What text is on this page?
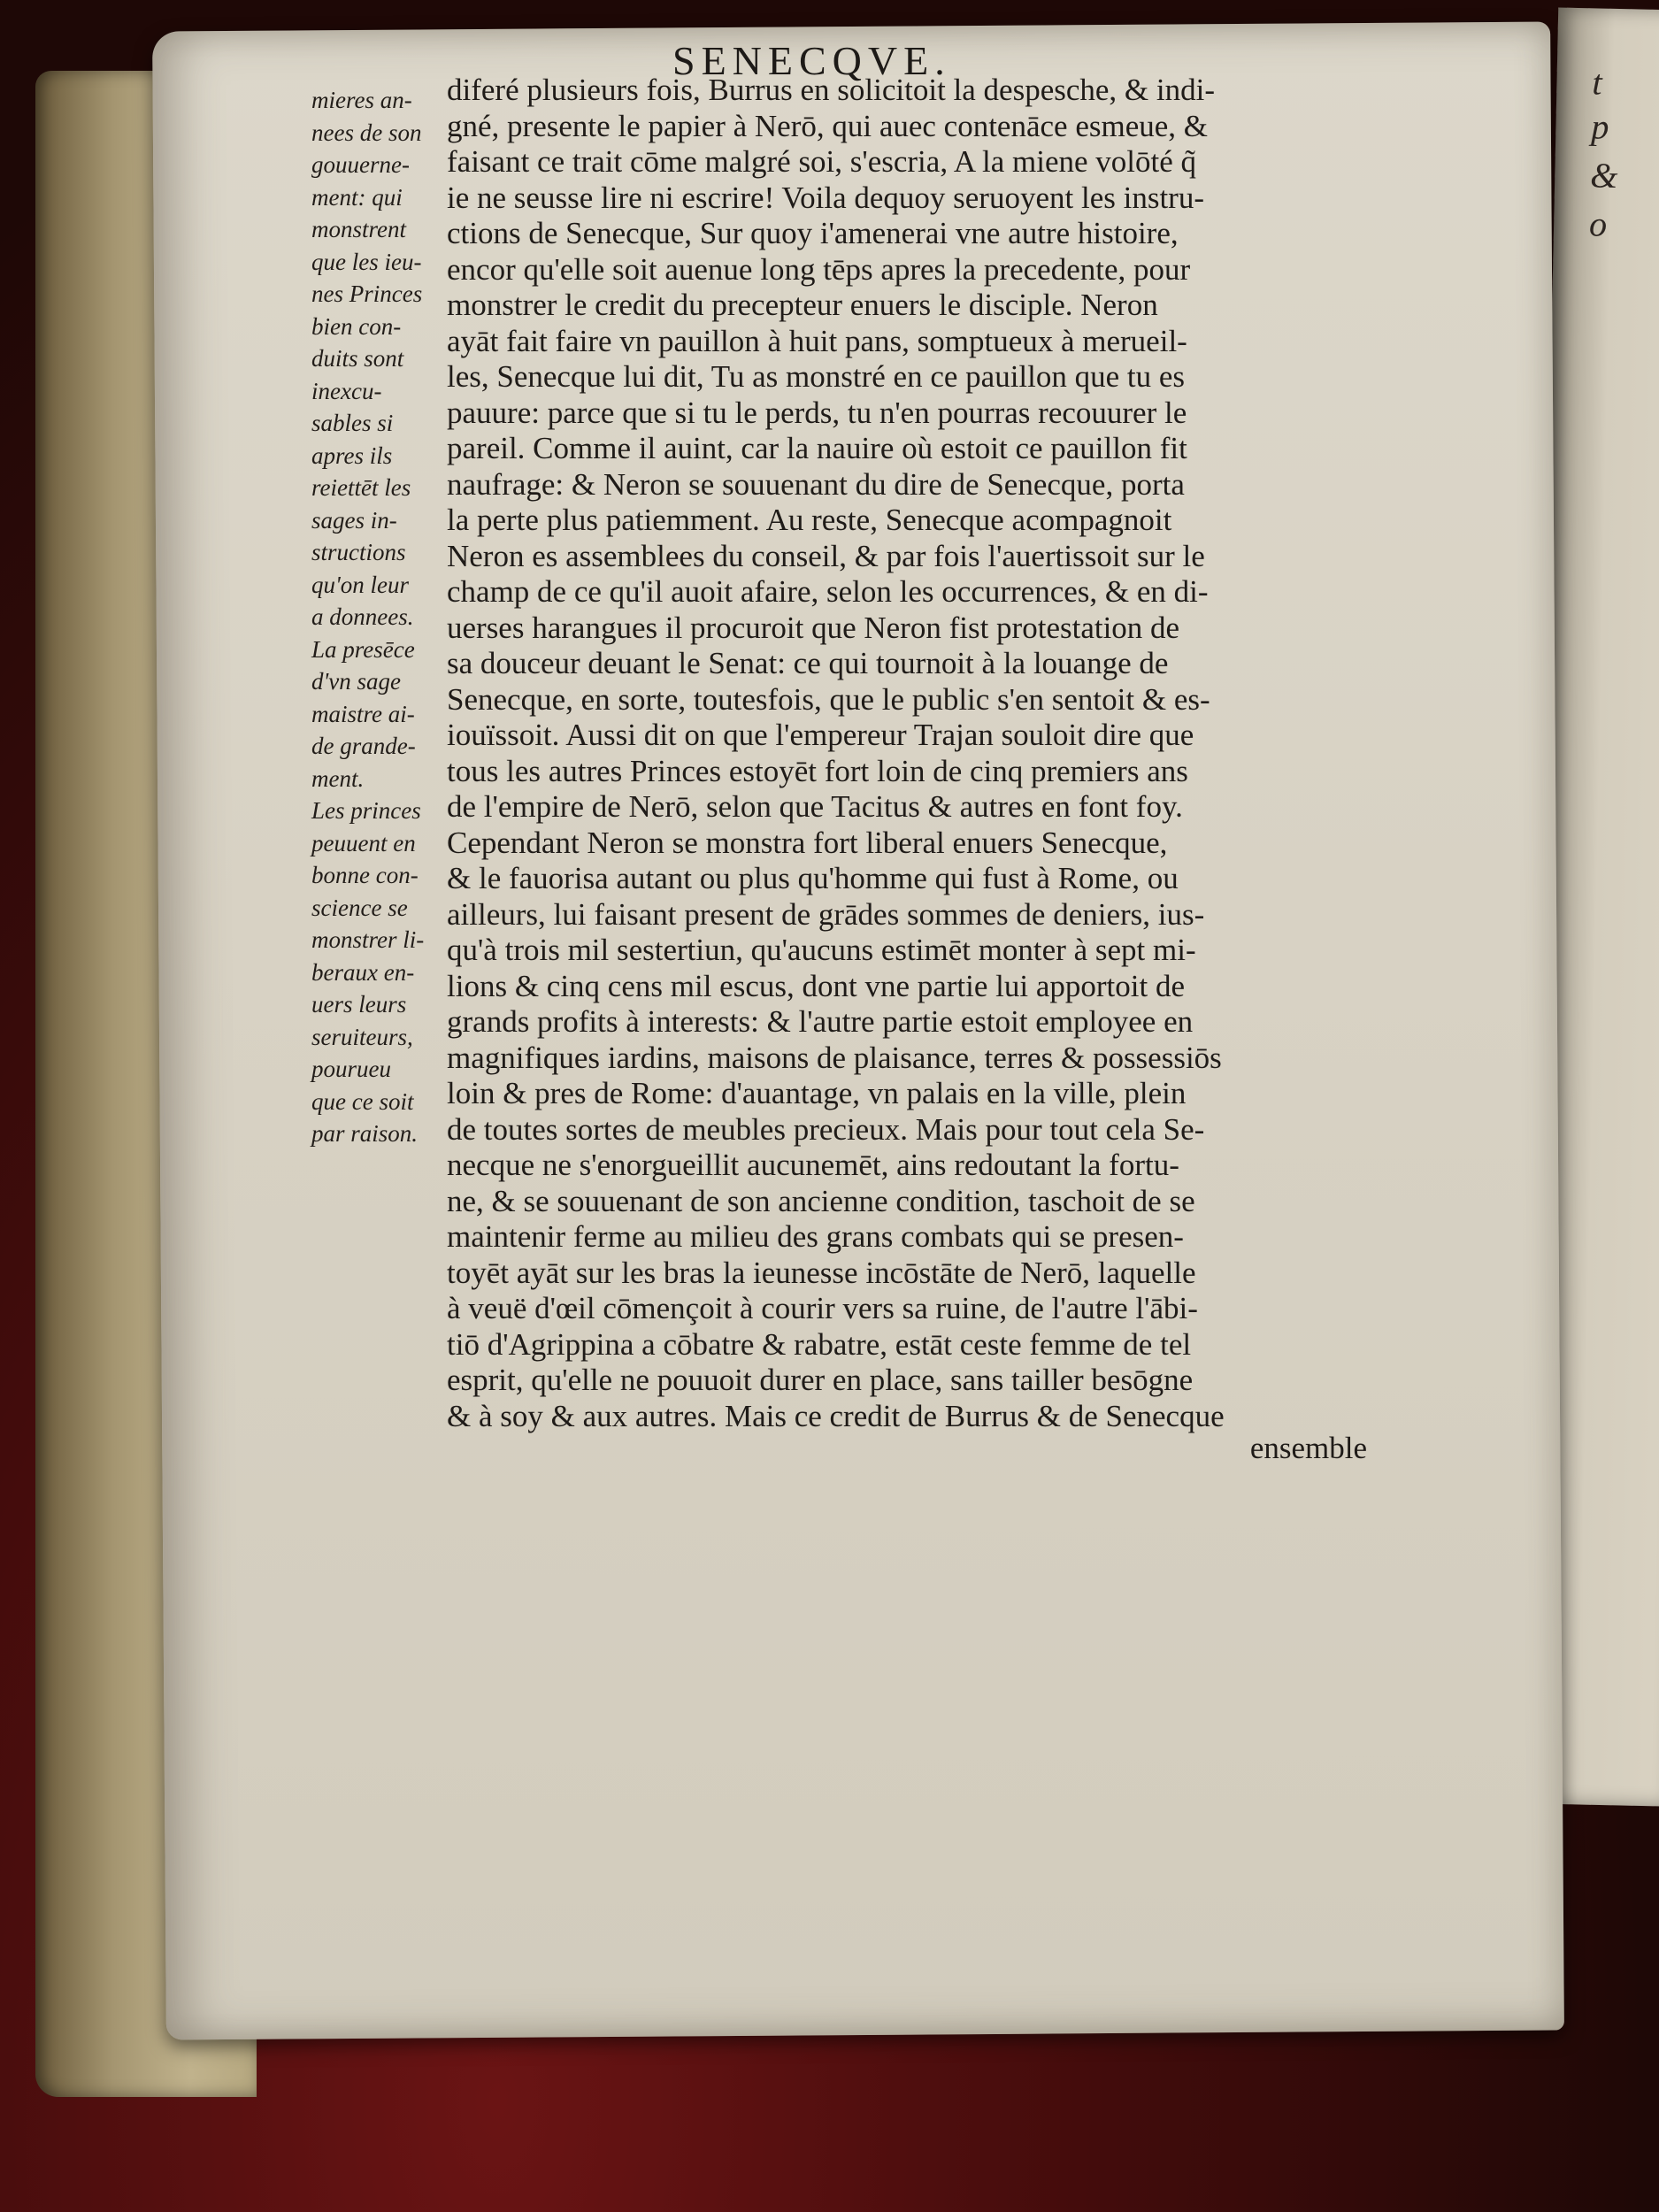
t
p
&
o
SENECQVE.
mieres an-
nees de son
gouuerne-
ment: qui
monstrent
que les ieu-
nes Princes
bien con-
duits sont
inexcu-
sables si
apres ils
reiettēt les
sages in-
structions
qu'on leur
a donnees.
La presēce
d'vn sage
maistre ai-
de grande-
ment.
Les princes
peuuent en
bonne con-
science se
monstrer li-
beraux en-
uers leurs
seruiteurs,
pourueu
que ce soit
par raison.
diferé plusieurs fois, Burrus en solicitoit la despesche, & indi-
gné, presente le papier à Nerō, qui auec contenāce esmeue, &
faisant ce trait cōme malgré soi, s'escria, A la miene volōté q̃
ie ne seusse lire ni escrire! Voila dequoy seruoyent les instru-
ctions de Senecque, Sur quoy i'amenerai vne autre histoire,
encor qu'elle soit auenue long tēps apres la precedente, pour
monstrer le credit du precepteur enuers le disciple. Neron
ayāt fait faire vn pauillon à huit pans, somptueux à merueil-
les, Senecque lui dit, Tu as monstré en ce pauillon que tu es
pauure: parce que si tu le perds, tu n'en pourras recouurer le
pareil. Comme il auint, car la nauire où estoit ce pauillon fit
naufrage: & Neron se souuenant du dire de Senecque, porta
la perte plus patiemment. Au reste, Senecque acompagnoit
Neron es assemblees du conseil, & par fois l'auertissoit sur le
champ de ce qu'il auoit afaire, selon les occurrences, & en di-
uerses harangues il procuroit que Neron fist protestation de
sa douceur deuant le Senat: ce qui tournoit à la louange de
Senecque, en sorte, toutesfois, que le public s'en sentoit & es-
iouïssoit. Aussi dit on que l'empereur Trajan souloit dire que
tous les autres Princes estoyēt fort loin de cinq premiers ans
de l'empire de Nerō, selon que Tacitus & autres en font foy.
Cependant Neron se monstra fort liberal enuers Senecque,
& le fauorisa autant ou plus qu'homme qui fust à Rome, ou
ailleurs, lui faisant present de grādes sommes de deniers, ius-
qu'à trois mil sestertiun, qu'aucuns estimēt monter à sept mi-
lions & cinq cens mil escus, dont vne partie lui apportoit de
grands profits à interests: & l'autre partie estoit employee en
magnifiques iardins, maisons de plaisance, terres & possessiōs
loin & pres de Rome: d'auantage, vn palais en la ville, plein
de toutes sortes de meubles precieux. Mais pour tout cela Se-
necque ne s'enorgueillit aucunemēt, ains redoutant la fortu-
ne, & se souuenant de son ancienne condition, taschoit de se
maintenir ferme au milieu des grans combats qui se presen-
toyēt ayāt sur les bras la ieunesse incōstāte de Nerō, laquelle
à veuë d'œil cōmençoit à courir vers sa ruine, de l'autre l'ābi-
tiō d'Agrippina a cōbatre & rabatre, estāt ceste femme de tel
esprit, qu'elle ne pouuoit durer en place, sans tailler besōgne
& à soy & aux autres. Mais ce credit de Burrus & de Senecque
ensemble
